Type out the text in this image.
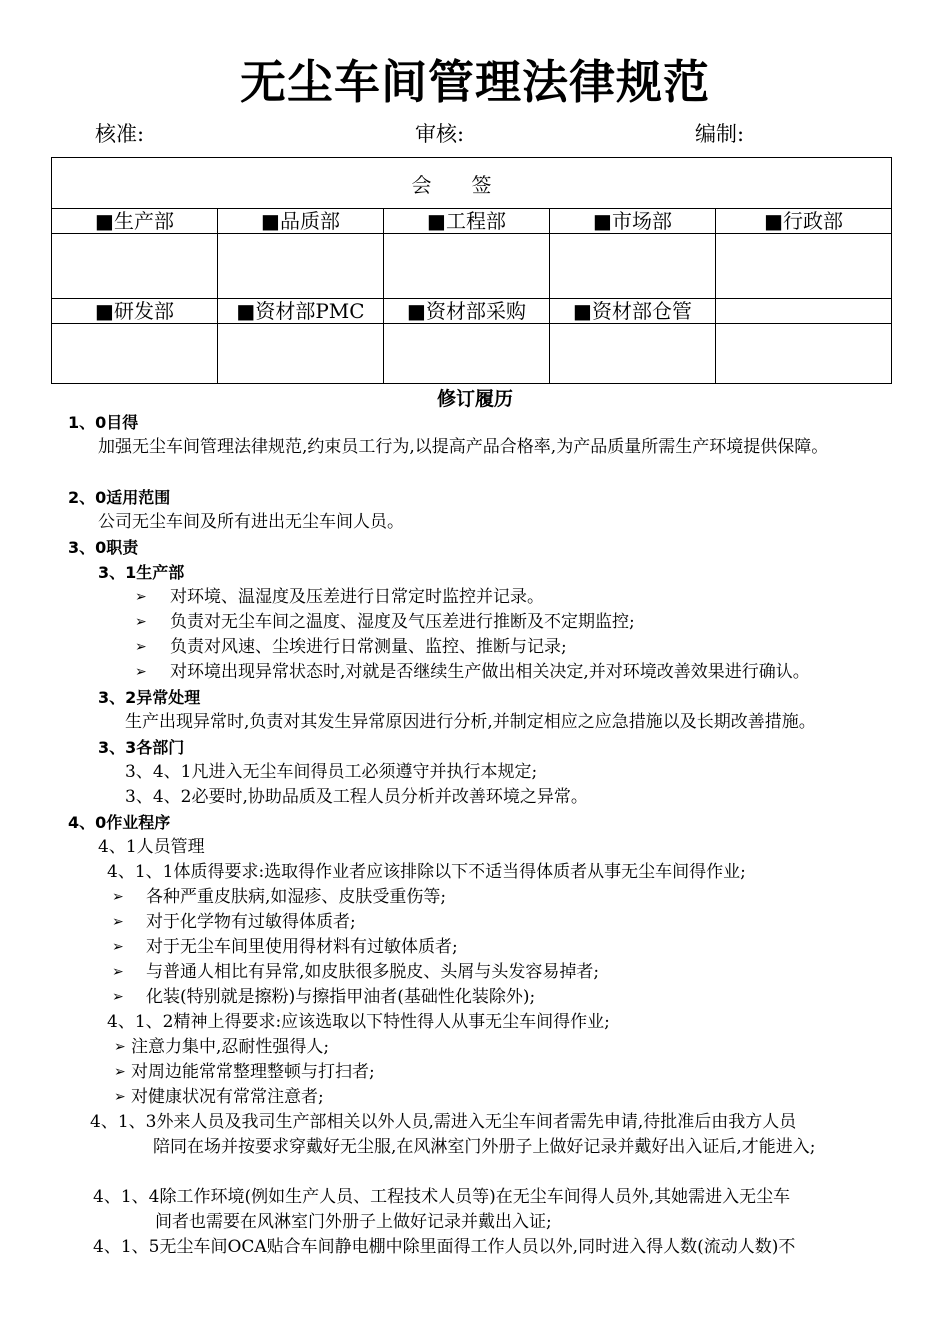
无尘车间管理法律规范
核准:	审核:	编制:
会签				
■生产部	■品质部	■工程部	■市场部	■行政部

■研发部	■资材部PMC	■资材部采购	■资材部仓管	

修订履历
1、0目得
加强无尘车间管理法律规范,约束员工行为,以提高产品合格率,为产品质量所需生产环境提供保障。
2、0适用范围
公司无尘车间及所有进出无尘车间人员。
3、0职责
3、1生产部
➢ 对环境、温湿度及压差进行日常定时监控并记录。
➢ 负责对无尘车间之温度、湿度及气压差进行推断及不定期监控;
➢ 负责对风速、尘埃进行日常测量、监控、推断与记录;
➢ 对环境出现异常状态时,对就是否继续生产做出相关决定,并对环境改善效果进行确认。
3、2异常处理
生产出现异常时,负责对其发生异常原因进行分析,并制定相应之应急措施以及长期改善措施。
3、3各部门
3、4、1凡进入无尘车间得员工必须遵守并执行本规定;
3、4、2必要时,协助品质及工程人员分析并改善环境之异常。
4、0作业程序
4、1人员管理
4、1、1体质得要求:选取得作业者应该排除以下不适当得体质者从事无尘车间得作业;
➢ 各种严重皮肤病,如湿疹、皮肤受重伤等;
➢ 对于化学物有过敏得体质者;
➢ 对于无尘车间里使用得材料有过敏体质者;
➢ 与普通人相比有异常,如皮肤很多脱皮、头屑与头发容易掉者;
➢ 化装(特别就是擦粉)与擦指甲油者(基础性化装除外);
4、1、2精神上得要求:应该选取以下特性得人从事无尘车间得作业;
➢ 注意力集中,忍耐性强得人;
➢ 对周边能常常整理整顿与打扫者;
➢ 对健康状况有常常注意者;
4、1、3外来人员及我司生产部相关以外人员,需进入无尘车间者需先申请,待批准后由我方人员
陪同在场并按要求穿戴好无尘服,在风淋室门外册子上做好记录并戴好出入证后,才能进入;
4、1、4除工作环境(例如生产人员、工程技术人员等)在无尘车间得人员外,其她需进入无尘车
间者也需要在风淋室门外册子上做好记录并戴出入证;
4、1、5无尘车间OCA贴合车间静电棚中除里面得工作人员以外,同时进入得人数(流动人数)不
